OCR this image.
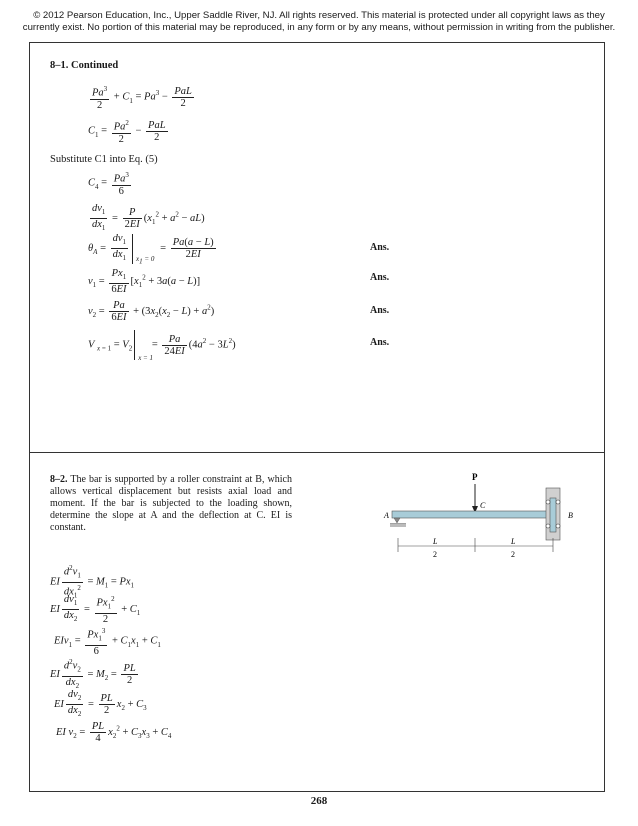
© 2012 Pearson Education, Inc., Upper Saddle River, NJ. All rights reserved. This material is protected under all copyright laws as they currently exist. No portion of this material may be reproduced, in any form or by any means, without permission in writing from the publisher.
8–1. Continued
$\frac{Pa^3}{2} + C_1 = Pa^3 - \frac{\text{PaL}}{2}$
$C_1 = \frac{Pa^2}{2} - \frac{\text{PaL}}{2}$
Substitute C1 into Eq. (5)
$C_4 = \frac{Pa^3}{6}$
$\frac{dv_1}{dx_1} = \frac{P}{2EI} (x_1^2 + a^2 - aL)$
$\theta_A = \frac{dv_1}{dx_1} x_1 = 0$
= $\frac{Pa(a - L)}{2EI}$	Ans.
$v_1 = \frac{Px_1}{6EI} [x_1^2 + 3a(a - L)]$	Ans.
$v_2 = \frac{Pa}{6EI} + (3x_2(x_2 - L) + a^2)$	Ans.
V $_{x = 1} = V_2$
x = 1
= $\frac{Pa}{24EI} (4a^2 - 3L^2)$	Ans.
8–2. The bar is supported by a roller constraint at B, which allows vertical displacement but resists axial load and moment. If the bar is subjected to the loading shown, determine the slope at A and the deflection at C. EI is constant.
P
C
A	B
L
2
L
2
EI $\frac{d^2v_1}{dx_1^2} = M_1 = Px_1$
EI $\frac{dv_1}{dx_2} = \frac{Px_1^2}{2} + C_1$
$EIv_1 = \frac{Px_1^3}{6} + C_1x_1 + C_1$
EI $\frac{d^2v_2}{dx_2} = M_2 = \frac{PL}{2}$
EI $\frac{dv_2}{dx_2} = \frac{PL}{2} x_2 + C_3$
EI $v_2 = \frac{PL}{4} x_2^2 + C_3x_3 + C_4$
268
